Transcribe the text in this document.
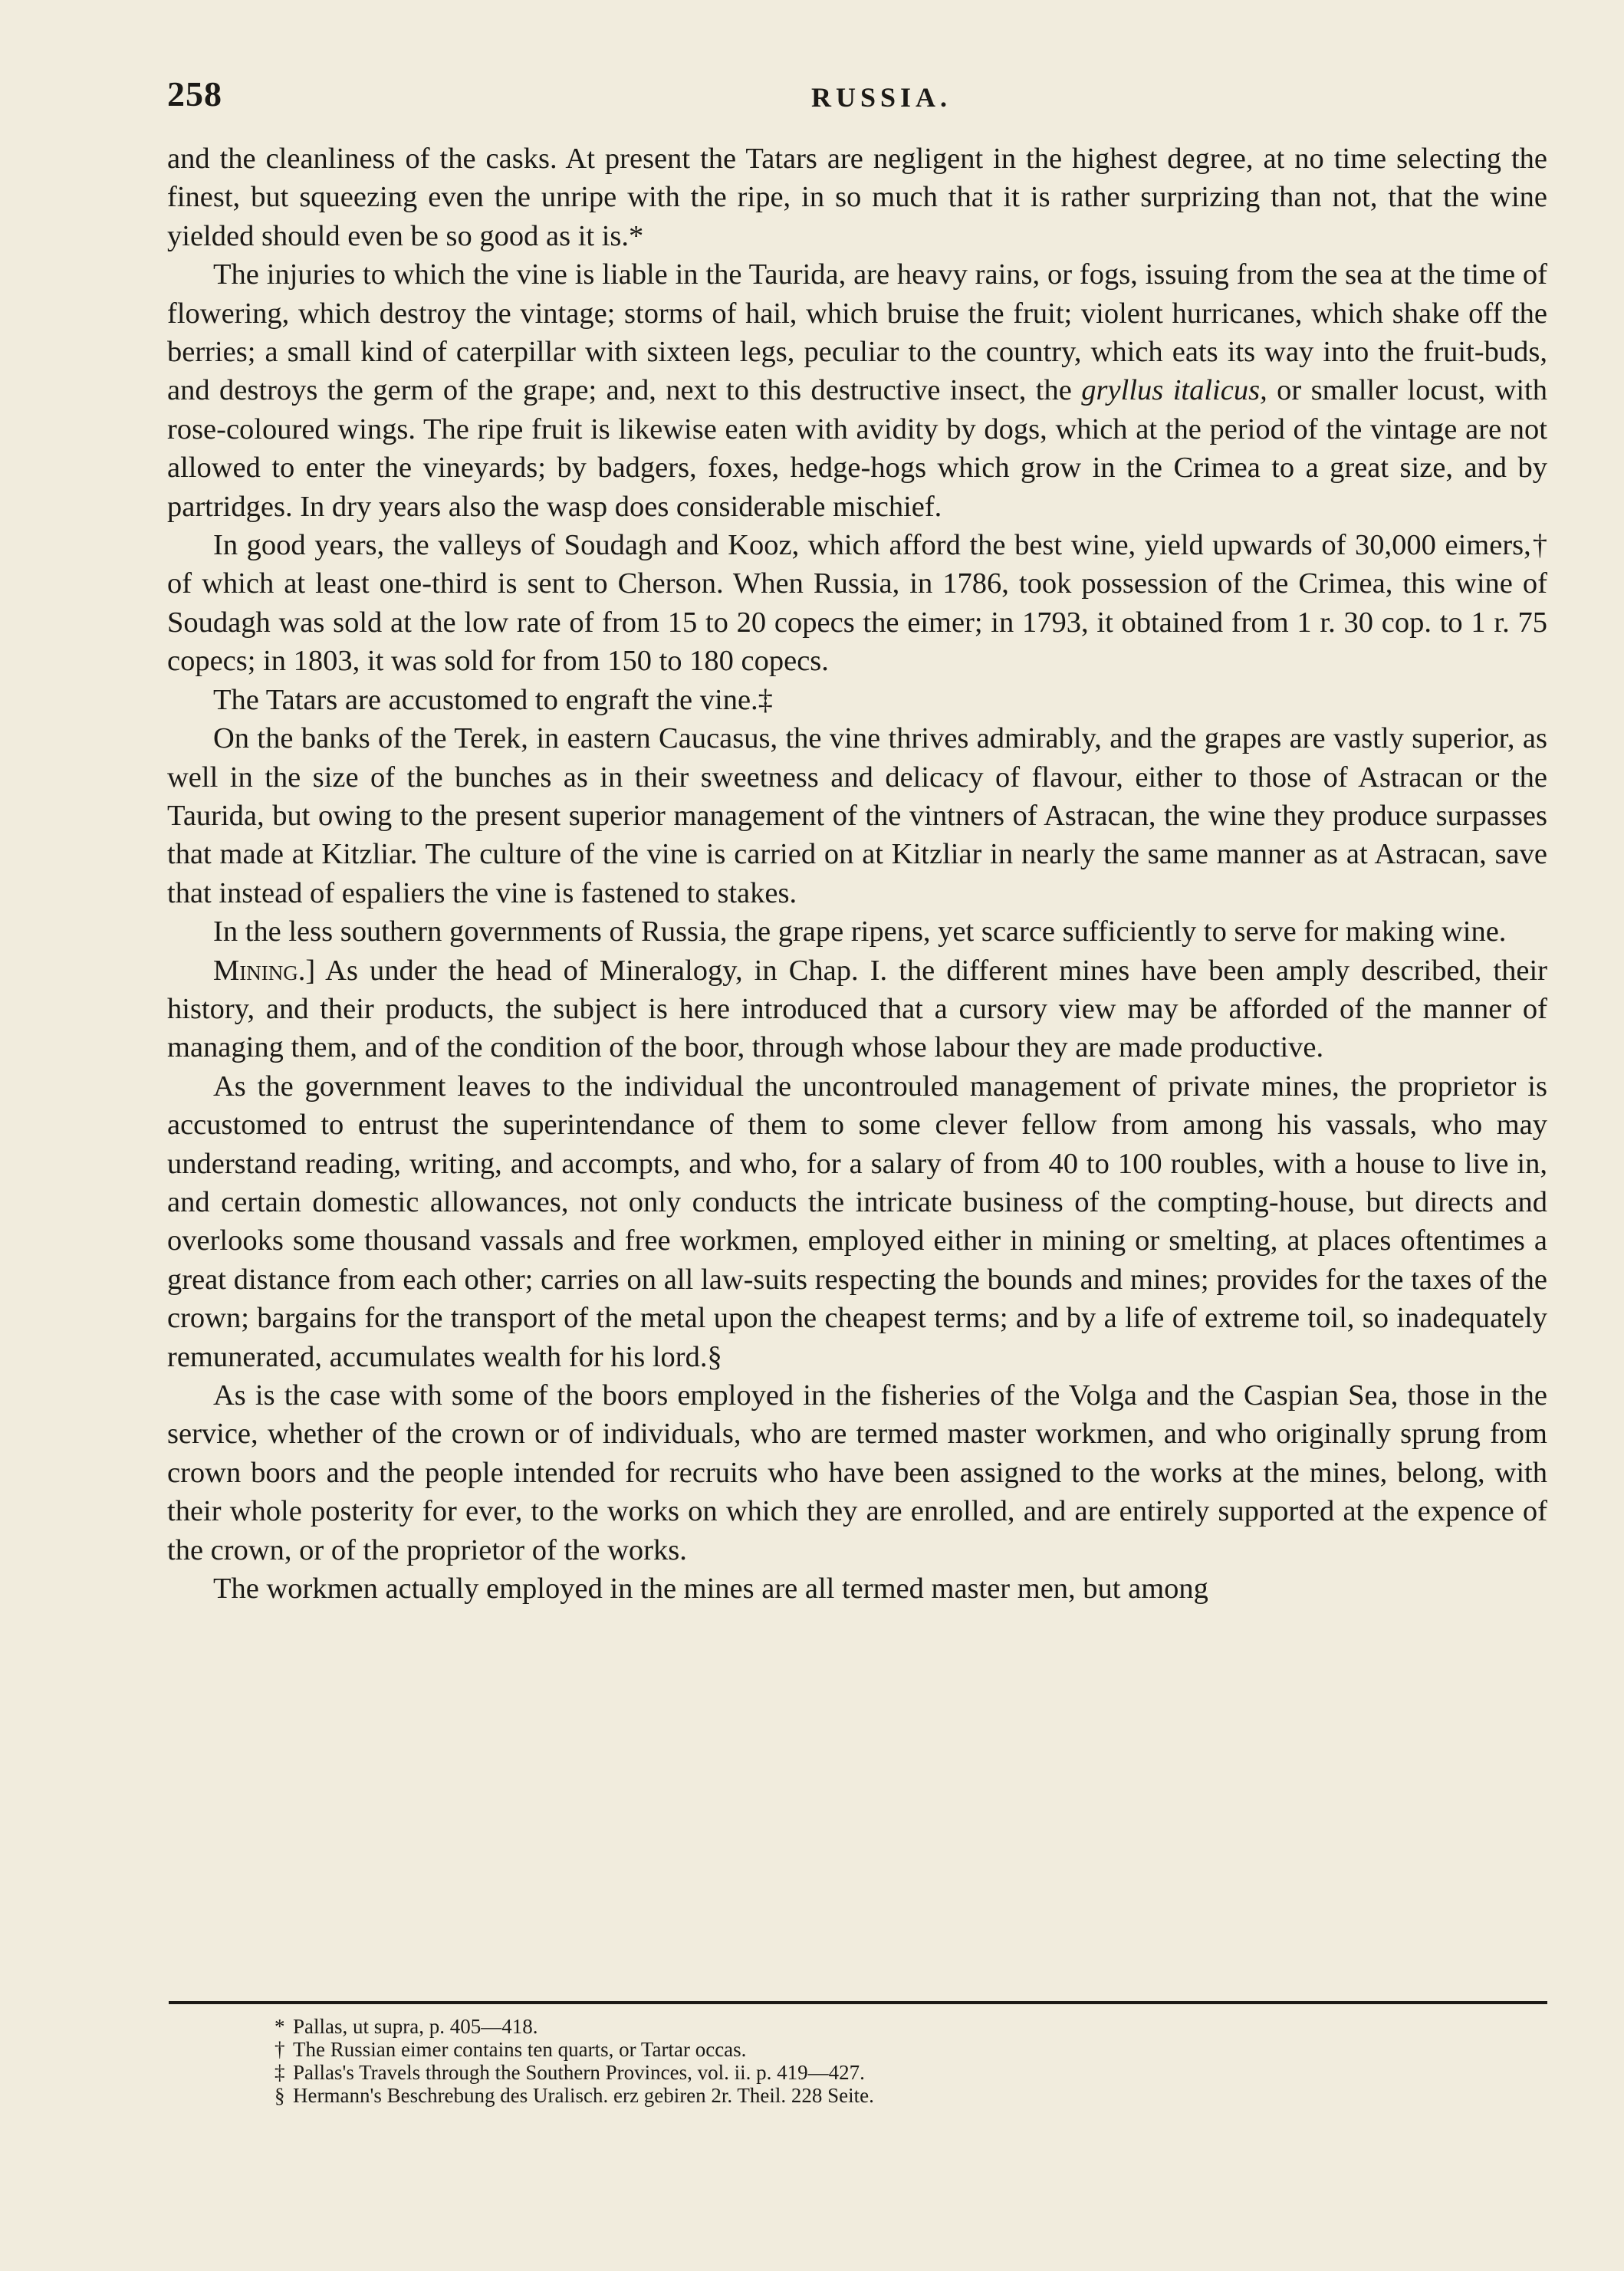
258	RUSSIA.

and the cleanliness of the casks. At present the Tatars are negligent in the highest degree, at no time selecting the finest, but squeezing even the unripe with the ripe, in so much that it is rather surprizing than not, that the wine yielded should even be so good as it is.*

The injuries to which the vine is liable in the Taurida, are heavy rains, or fogs, issuing from the sea at the time of flowering, which destroy the vintage; storms of hail, which bruise the fruit; violent hurricanes, which shake off the berries; a small kind of caterpillar with sixteen legs, peculiar to the country, which eats its way into the fruit-buds, and destroys the germ of the grape; and, next to this destructive insect, the gryllus italicus, or smaller locust, with rose-coloured wings. The ripe fruit is likewise eaten with avidity by dogs, which at the period of the vintage are not allowed to enter the vineyards; by badgers, foxes, hedge-hogs which grow in the Crimea to a great size, and by partridges. In dry years also the wasp does considerable mischief.

In good years, the valleys of Soudagh and Kooz, which afford the best wine, yield upwards of 30,000 eimers,† of which at least one-third is sent to Cherson. When Russia, in 1786, took possession of the Crimea, this wine of Soudagh was sold at the low rate of from 15 to 20 copecs the eimer; in 1793, it obtained from 1 r. 30 cop. to 1 r. 75 copecs; in 1803, it was sold for from 150 to 180 copecs.

The Tatars are accustomed to engraft the vine.‡

On the banks of the Terek, in eastern Caucasus, the vine thrives admirably, and the grapes are vastly superior, as well in the size of the bunches as in their sweetness and delicacy of flavour, either to those of Astracan or the Taurida, but owing to the present superior management of the vintners of Astracan, the wine they produce surpasses that made at Kitzliar. The culture of the vine is carried on at Kitzliar in nearly the same manner as at Astracan, save that instead of espaliers the vine is fastened to stakes.

In the less southern governments of Russia, the grape ripens, yet scarce sufficiently to serve for making wine.

Mining.] As under the head of Mineralogy, in Chap. I. the different mines have been amply described, their history, and their products, the subject is here introduced that a cursory view may be afforded of the manner of managing them, and of the condition of the boor, through whose labour they are made productive.

As the government leaves to the individual the uncontrouled management of private mines, the proprietor is accustomed to entrust the superintendance of them to some clever fellow from among his vassals, who may understand reading, writing, and accompts, and who, for a salary of from 40 to 100 roubles, with a house to live in, and certain domestic allowances, not only conducts the intricate business of the compting-house, but directs and overlooks some thousand vassals and free workmen, employed either in mining or smelting, at places oftentimes a great distance from each other; carries on all law-suits respecting the bounds and mines; provides for the taxes of the crown; bargains for the transport of the metal upon the cheapest terms; and by a life of extreme toil, so inadequately remunerated, accumulates wealth for his lord.§

As is the case with some of the boors employed in the fisheries of the Volga and the Caspian Sea, those in the service, whether of the crown or of individuals, who are termed master workmen, and who originally sprung from crown boors and the people intended for recruits who have been assigned to the works at the mines, belong, with their whole posterity for ever, to the works on which they are enrolled, and are entirely supported at the expence of the crown, or of the proprietor of the works.

The workmen actually employed in the mines are all termed master men, but among

* Pallas, ut supra, p. 405—418.

† The Russian eimer contains ten quarts, or Tartar occas.

‡ Pallas's Travels through the Southern Provinces, vol. ii. p. 419—427.

§ Hermann's Beschrebung des Uralisch. erz gebiren 2r. Theil. 228 Seite.
